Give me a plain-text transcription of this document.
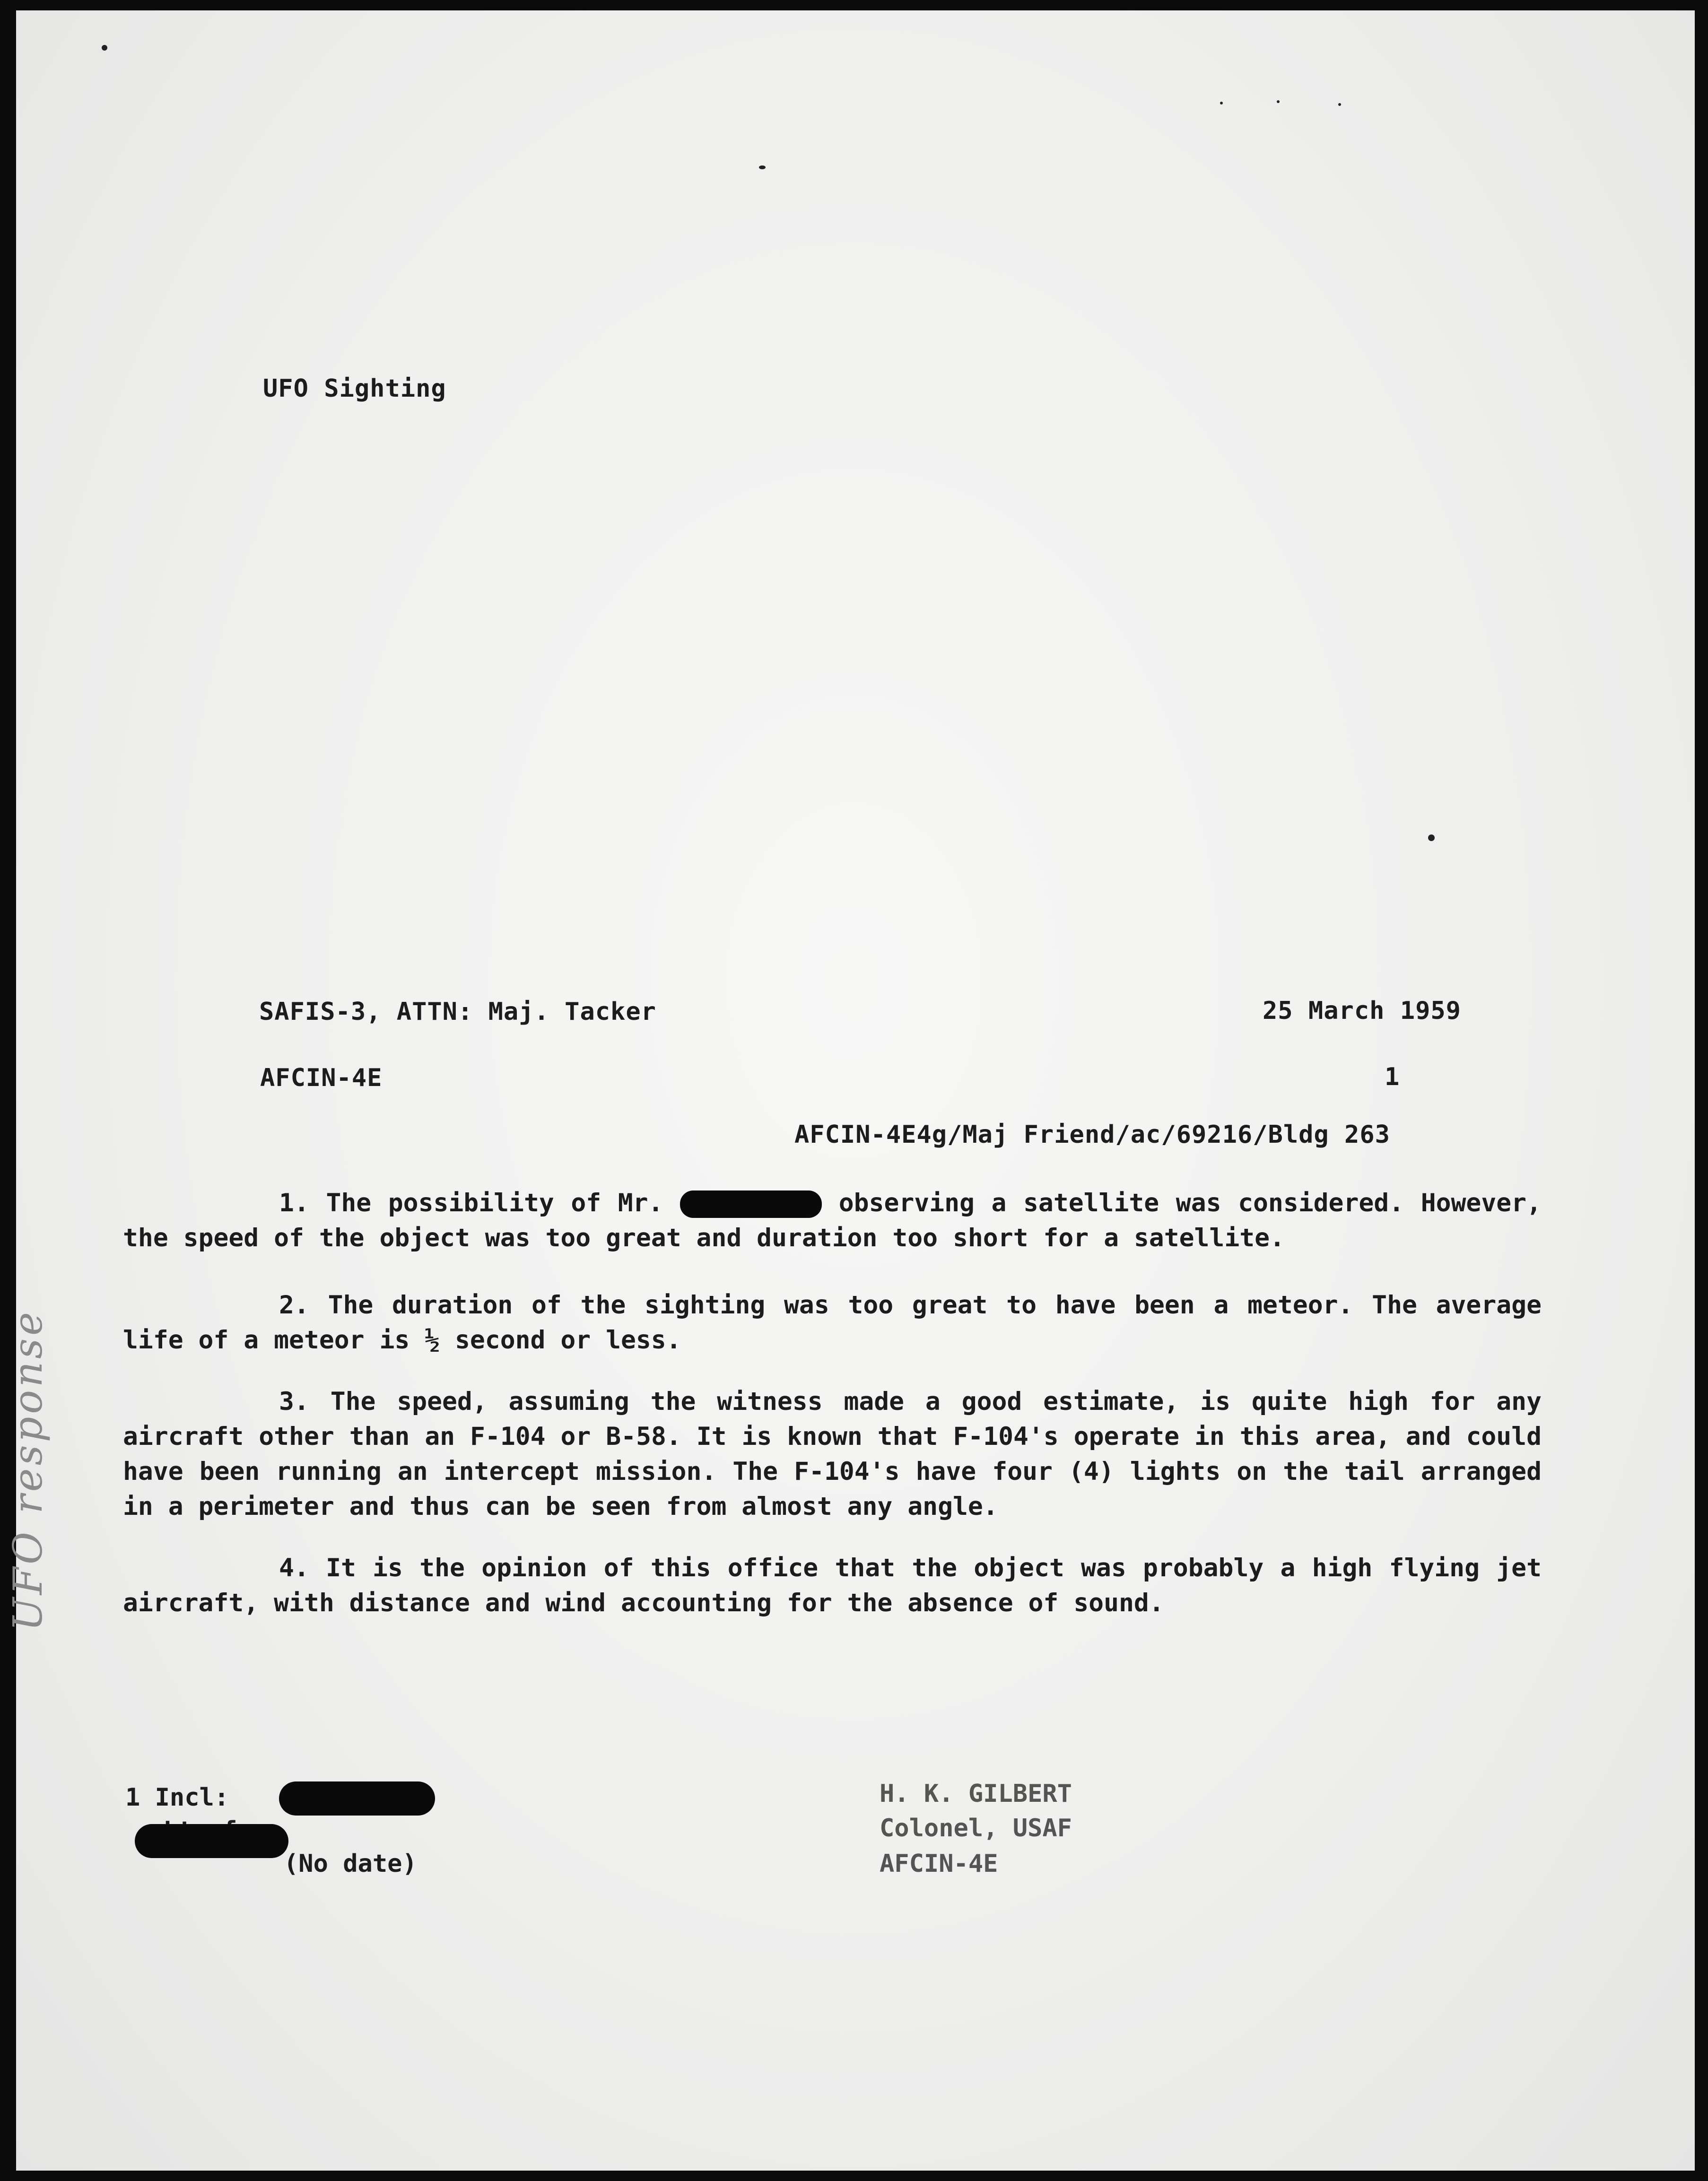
UFO Sighting

SAFIS-3, ATTN: Maj. Tacker	25 March 1959

AFCIN-4E	1

AFCIN-4E4g/Maj Friend/ac/69216/Bldg 263

1. The possibility of Mr.	observing a satellite was considered. However, the speed of the object was too great and duration too short for a satellite.
2. The duration of the sighting was too great to have been a meteor. The average life of a meteor is ½ second or less.
3. The speed, assuming the witness made a good estimate, is quite high for any aircraft other than an F-104 or B-58. It is known that F-104's operate in this area, and could have been running an intercept mission. The F-104's have four (4) lights on the tail arranged in a perimeter and thus can be seen from almost any angle.
4. It is the opinion of this office that the object was probably a high flying jet aircraft, with distance and wind accounting for the absence of sound.
UFO response

1 Incl:

(No date)

H. K. GILBERT

Colonel, USAF

AFCIN-4E
